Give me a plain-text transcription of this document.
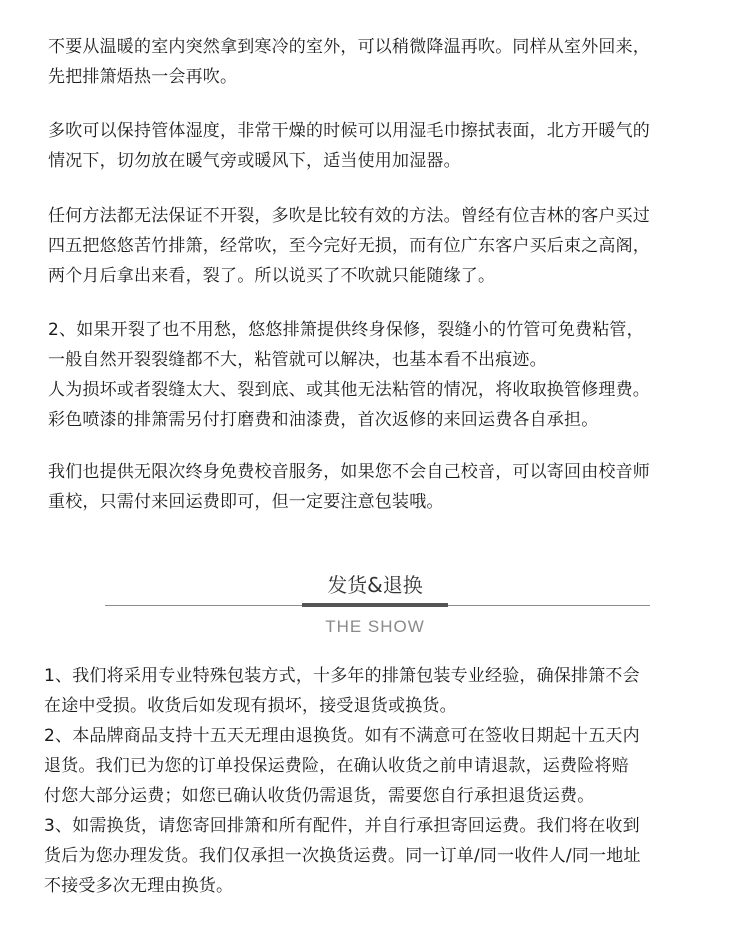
不要从温暖的室内突然拿到寒冷的室外，可以稍微降温再吹。同样从室外回来，

先把排箫焐热一会再吹。

多吹可以保持管体湿度，非常干燥的时候可以用湿毛巾擦拭表面，北方开暖气的

情况下，切勿放在暖气旁或暖风下，适当使用加湿器。

任何方法都无法保证不开裂，多吹是比较有效的方法。曾经有位吉林的客户买过

四五把悠悠苦竹排箫，经常吹，至今完好无损，而有位广东客户买后束之高阁，

两个月后拿出来看，裂了。所以说买了不吹就只能随缘了。

2、如果开裂了也不用愁，悠悠排箫提供终身保修，裂缝小的竹管可免费粘管，

一般自然开裂裂缝都不大，粘管就可以解决，也基本看不出痕迹。

人为损坏或者裂缝太大、裂到底、或其他无法粘管的情况，将收取换管修理费。

彩色喷漆的排箫需另付打磨费和油漆费，首次返修的来回运费各自承担。

我们也提供无限次终身免费校音服务，如果您不会自己校音，可以寄回由校音师

重校，只需付来回运费即可，但一定要注意包装哦。

发货&退换
THE SHOW

1、我们将采用专业特殊包装方式，十多年的排箫包装专业经验，确保排箫不会

在途中受损。收货后如发现有损坏，接受退货或换货。

2、本品牌商品支持十五天无理由退换货。如有不满意可在签收日期起十五天内

退货。我们已为您的订单投保运费险，在确认收货之前申请退款，运费险将赔

付您大部分运费；如您已确认收货仍需退货，需要您自行承担退货运费。

3、如需换货，请您寄回排箫和所有配件，并自行承担寄回运费。我们将在收到

货后为您办理发货。我们仅承担一次换货运费。同一订单/同一收件人/同一地址

不接受多次无理由换货。
